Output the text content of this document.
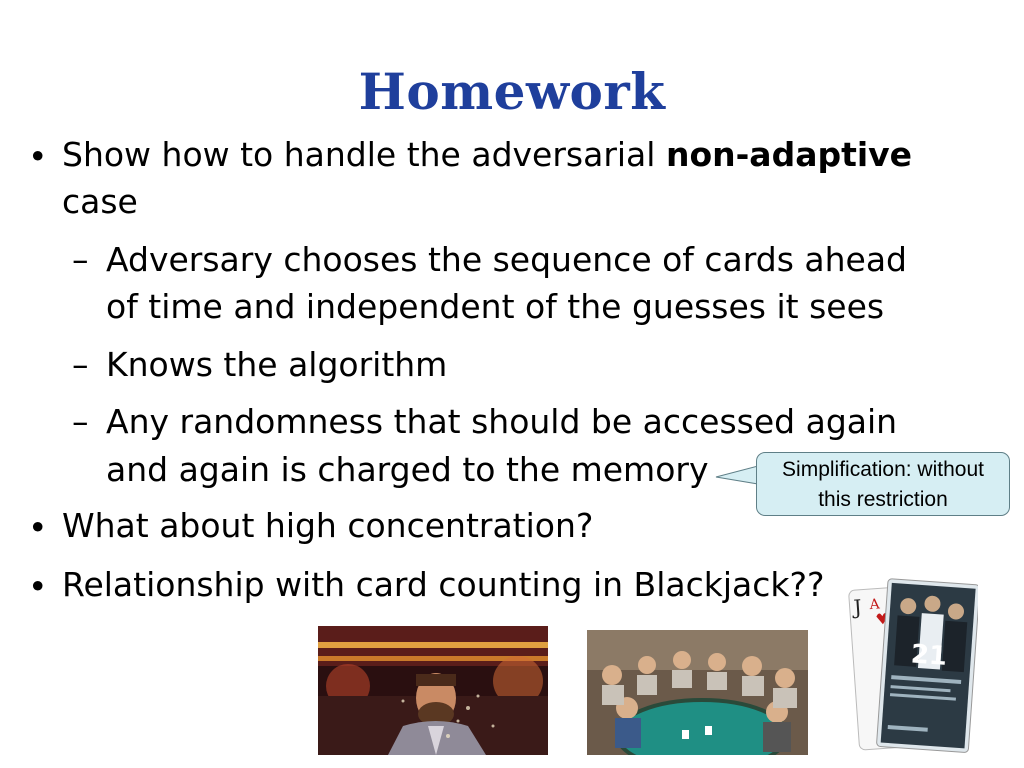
Homework
• Show how to handle the adversarial non-adaptive
case
– Adversary chooses the sequence of cards ahead
of time and independent of the guesses it sees
– Knows the algorithm
– Any randomness that should be accessed again
and again is charged to the memory
• What about high concentration?
• Relationship with card counting in Blackjack??
Simplification: without
this restriction
J A
21
